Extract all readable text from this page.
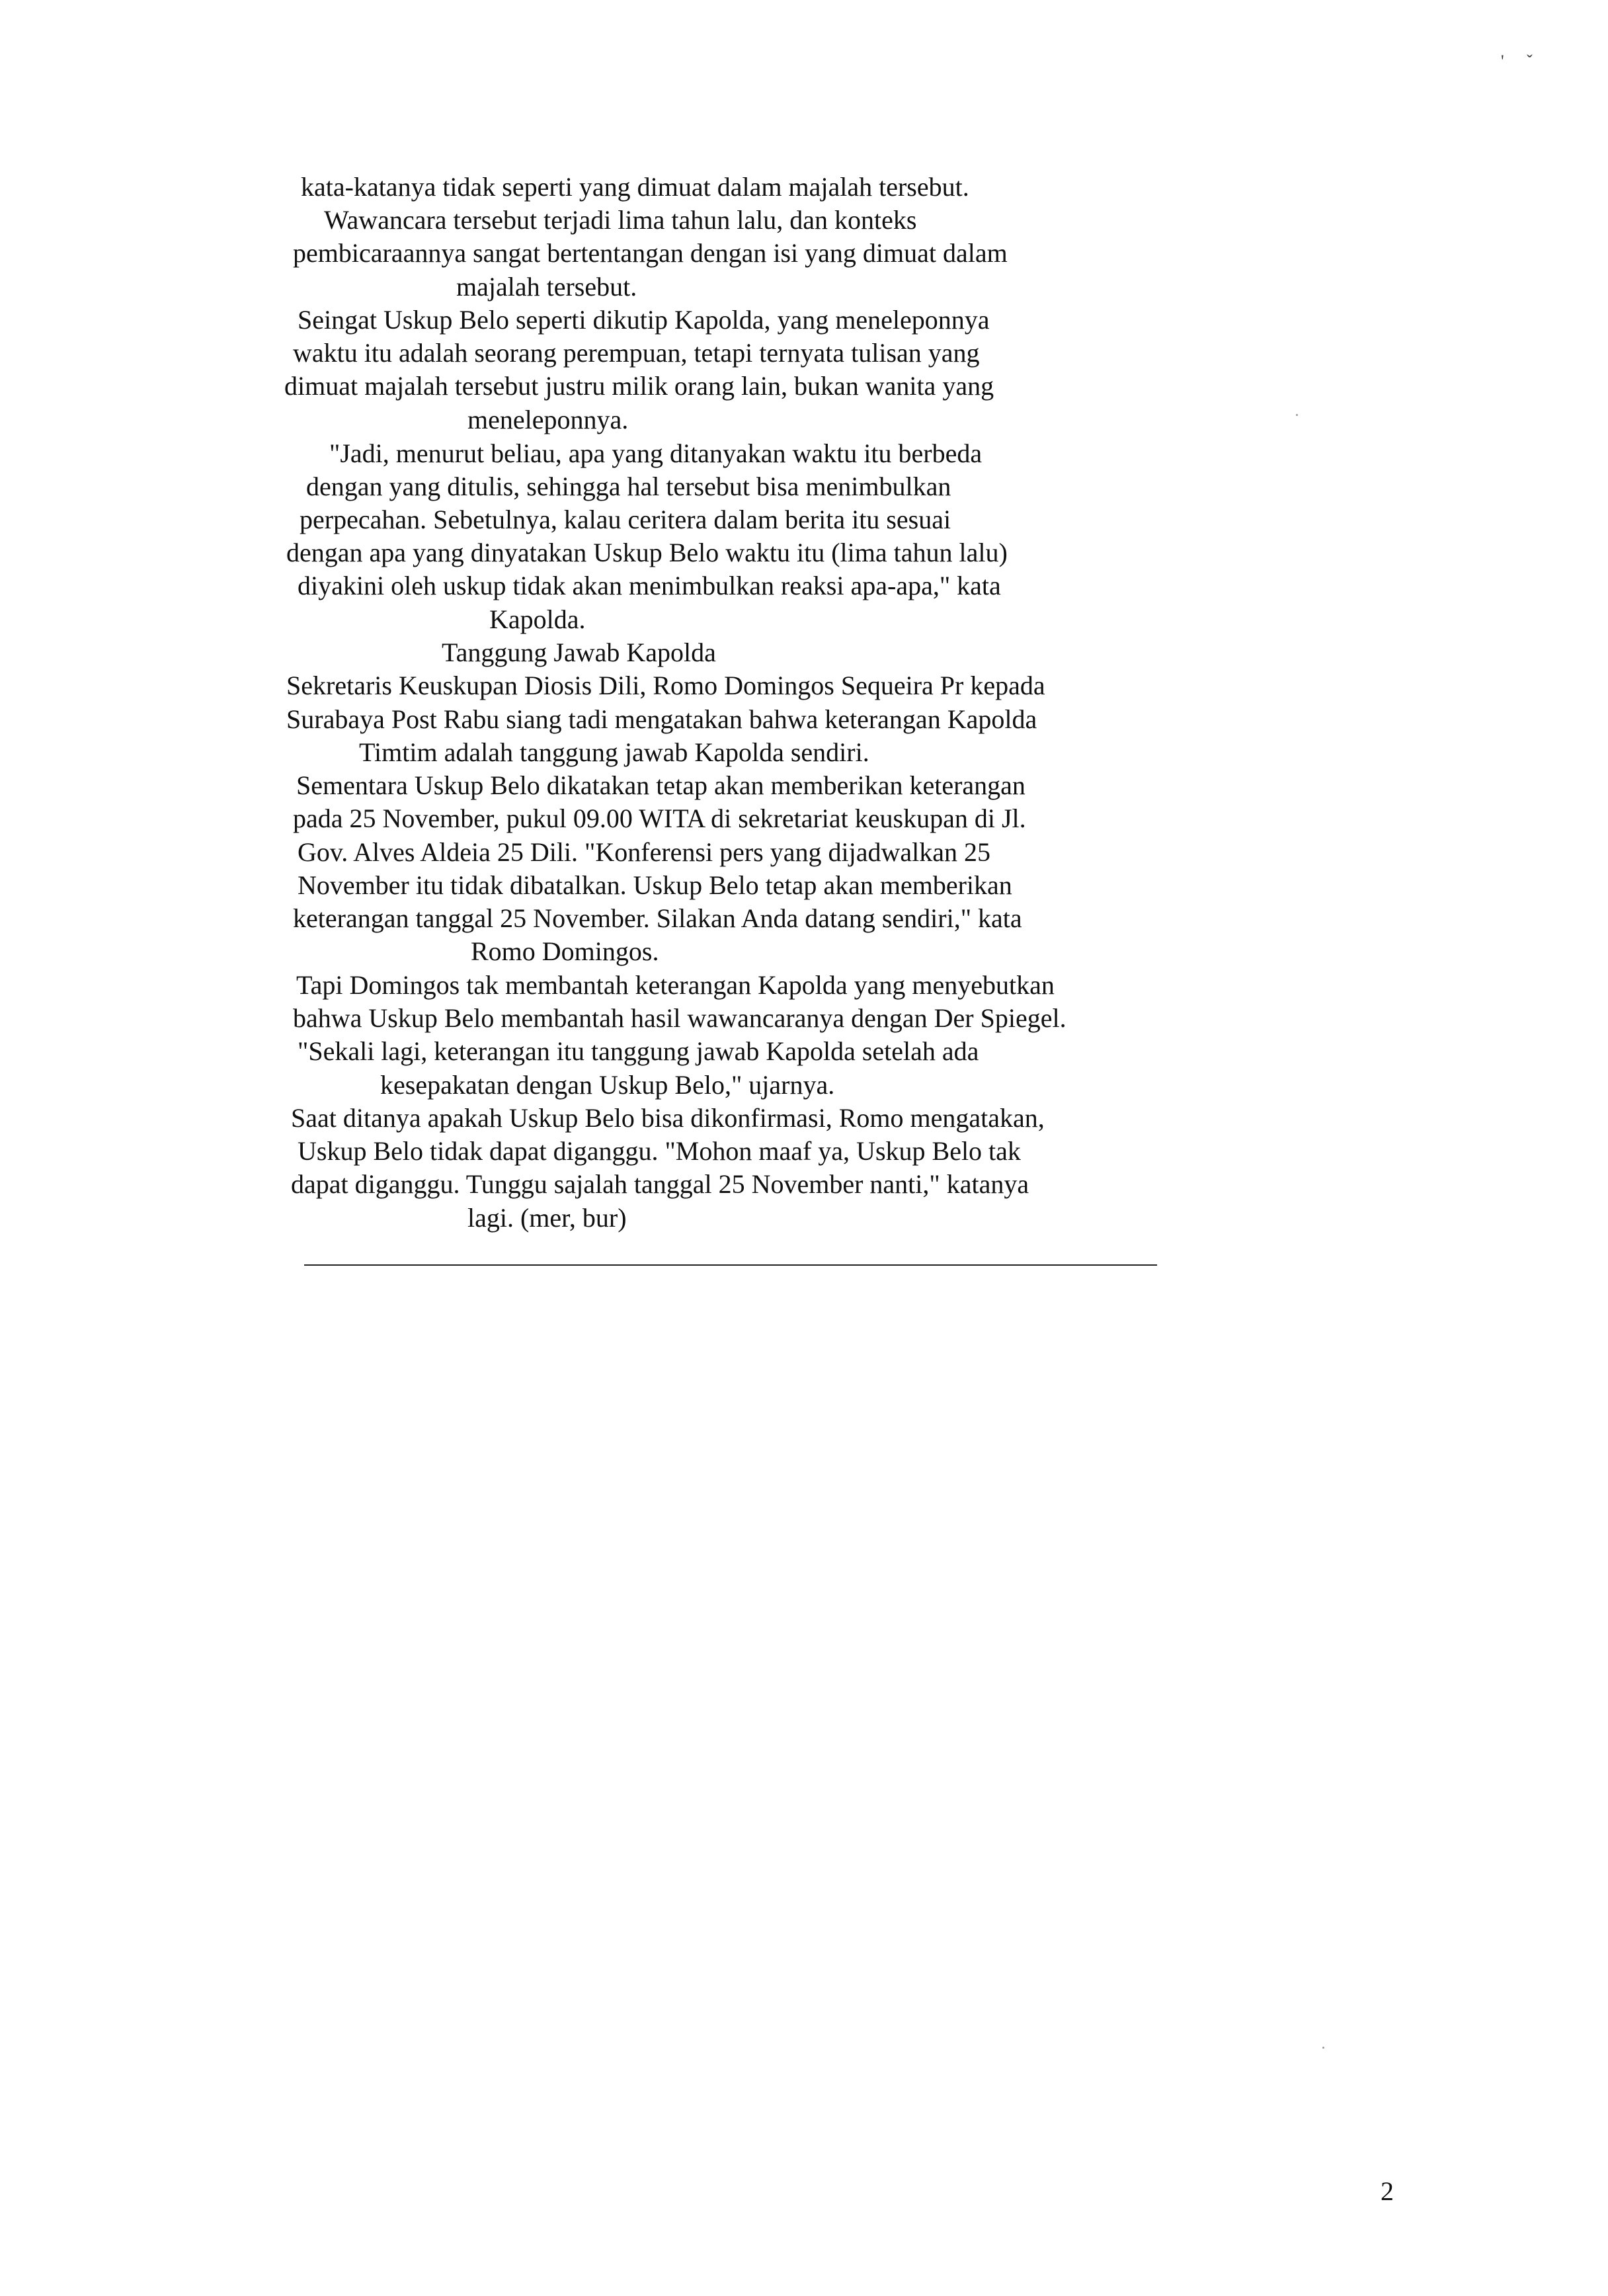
' ˇ
kata-katanya tidak seperti yang dimuat dalam majalah tersebut.
Wawancara tersebut terjadi lima tahun lalu, dan konteks
pembicaraannya sangat bertentangan dengan isi yang dimuat dalam
majalah tersebut.
Seingat Uskup Belo seperti dikutip Kapolda, yang meneleponnya
waktu itu adalah seorang perempuan, tetapi ternyata tulisan yang
dimuat majalah tersebut justru milik orang lain, bukan wanita yang
meneleponnya.
"Jadi, menurut beliau, apa yang ditanyakan waktu itu berbeda
dengan yang ditulis, sehingga hal tersebut bisa menimbulkan
perpecahan. Sebetulnya, kalau ceritera dalam berita itu sesuai
dengan apa yang dinyatakan Uskup Belo waktu itu (lima tahun lalu)
diyakini oleh uskup tidak akan menimbulkan reaksi apa-apa," kata
Kapolda.
Tanggung Jawab Kapolda
Sekretaris Keuskupan Diosis Dili, Romo Domingos Sequeira Pr kepada
Surabaya Post Rabu siang tadi mengatakan bahwa keterangan Kapolda
Timtim adalah tanggung jawab Kapolda sendiri.
Sementara Uskup Belo dikatakan tetap akan memberikan keterangan
pada 25 November, pukul 09.00 WITA di sekretariat keuskupan di Jl.
Gov. Alves Aldeia 25 Dili. "Konferensi pers yang dijadwalkan 25
November itu tidak dibatalkan. Uskup Belo tetap akan memberikan
keterangan tanggal 25 November. Silakan Anda datang sendiri," kata
Romo Domingos.
Tapi Domingos tak membantah keterangan Kapolda yang menyebutkan
bahwa Uskup Belo membantah hasil wawancaranya dengan Der Spiegel.
"Sekali lagi, keterangan itu tanggung jawab Kapolda setelah ada
kesepakatan dengan Uskup Belo," ujarnya.
Saat ditanya apakah Uskup Belo bisa dikonfirmasi, Romo mengatakan,
Uskup Belo tidak dapat diganggu. "Mohon maaf ya, Uskup Belo tak
dapat diganggu. Tunggu sajalah tanggal 25 November nanti," katanya
lagi. (mer, bur)
2
